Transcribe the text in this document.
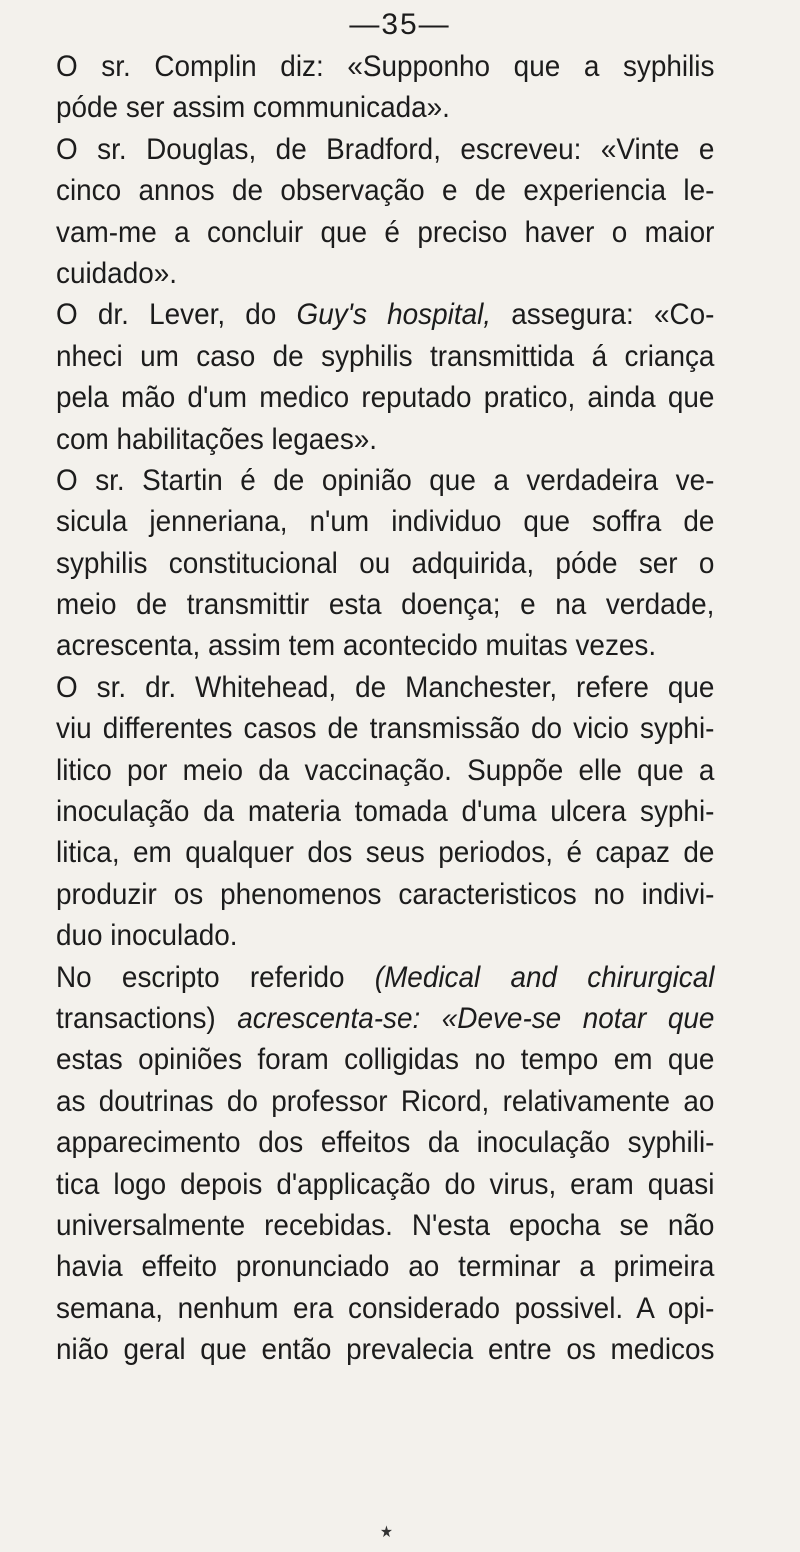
—35—
O sr. Complin diz: «Supponho que a syphilis
póde ser assim communicada».
O sr. Douglas, de Bradford, escreveu: «Vinte e
cinco annos de observação e de experiencia le-
vam-me a concluir que é preciso haver o maior
cuidado».
O dr. Lever, do Guy's hospital, assegura: «Co-
nheci um caso de syphilis transmittida á criança
pela mão d'um medico reputado pratico, ainda que
com habilitações legaes».
O sr. Startin é de opinião que a verdadeira ve-
sicula jenneriana, n'um individuo que soffra de
syphilis constitucional ou adquirida, póde ser o
meio de transmittir esta doença; e na verdade,
acrescenta, assim tem acontecido muitas vezes.
O sr. dr. Whitehead, de Manchester, refere que
viu differentes casos de transmissão do vicio syphi-
litico por meio da vaccinação. Suppõe elle que a
inoculação da materia tomada d'uma ulcera syphi-
litica, em qualquer dos seus periodos, é capaz de
produzir os phenomenos caracteristicos no indivi-
duo inoculado.
No escripto referido (Medical and chirurgical
transactions) acrescenta-se: «Deve-se notar que
estas opiniões foram colligidas no tempo em que
as doutrinas do professor Ricord, relativamente ao
apparecimento dos effeitos da inoculação syphili-
tica logo depois d'applicação do virus, eram quasi
universalmente recebidas. N'esta epocha se não
havia effeito pronunciado ao terminar a primeira
semana, nenhum era considerado possivel. A opi-
nião geral que então prevalecia entre os medicos
★
